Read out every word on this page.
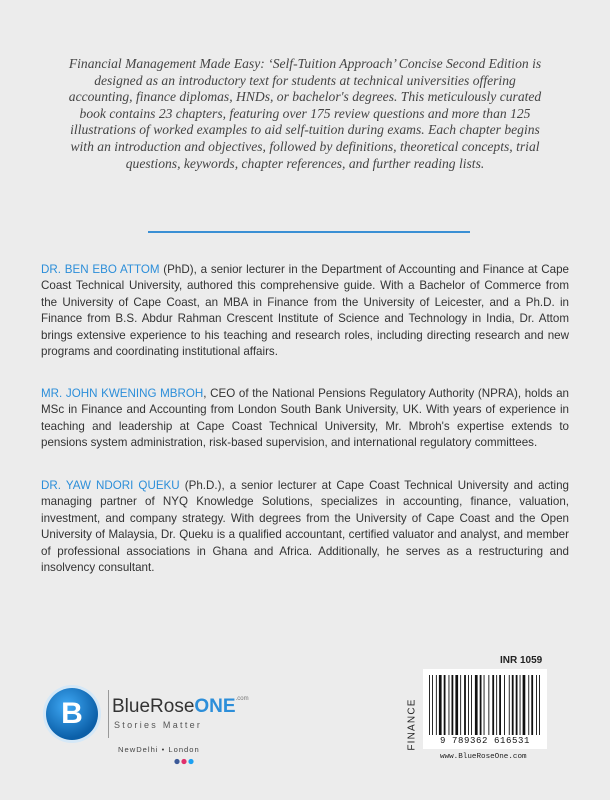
Financial Management Made Easy: ‘Self-Tuition Approach’ Concise Second Edition is designed as an introductory text for students at technical universities offering accounting, finance diplomas, HNDs, or bachelor's degrees. This meticulously curated book contains 23 chapters, featuring over 175 review questions and more than 125 illustrations of worked examples to aid self-tuition during exams. Each chapter begins with an introduction and objectives, followed by definitions, theoretical concepts, trial questions, keywords, chapter references, and further reading lists.
DR. BEN EBO ATTOM (PhD), a senior lecturer in the Department of Accounting and Finance at Cape Coast Technical University, authored this comprehensive guide. With a Bachelor of Commerce from the University of Cape Coast, an MBA in Finance from the University of Leicester, and a Ph.D. in Finance from B.S. Abdur Rahman Crescent Institute of Science and Technology in India, Dr. Attom brings extensive experience to his teaching and research roles, including directing research and new programs and coordinating institutional affairs.
MR. JOHN KWENING MBROH, CEO of the National Pensions Regulatory Authority (NPRA), holds an MSc in Finance and Accounting from London South Bank University, UK. With years of experience in teaching and leadership at Cape Coast Technical University, Mr. Mbroh's expertise extends to pensions system administration, risk-based supervision, and international regulatory committees.
DR. YAW NDORI QUEKU (Ph.D.), a senior lecturer at Cape Coast Technical University and acting managing partner of NYQ Knowledge Solutions, specializes in accounting, finance, valuation, investment, and company strategy. With degrees from the University of Cape Coast and the Open University of Malaysia, Dr. Queku is a qualified accountant, certified valuator and analyst, and member of professional associations in Ghana and Africa. Additionally, he serves as a restructuring and insolvency consultant.
B	BlueRoseONE$^{.com}$
Stories Matter
NewDelhi • London
INR 1059
FINANCE	9 789362 616531
www.BlueRoseOne.com
